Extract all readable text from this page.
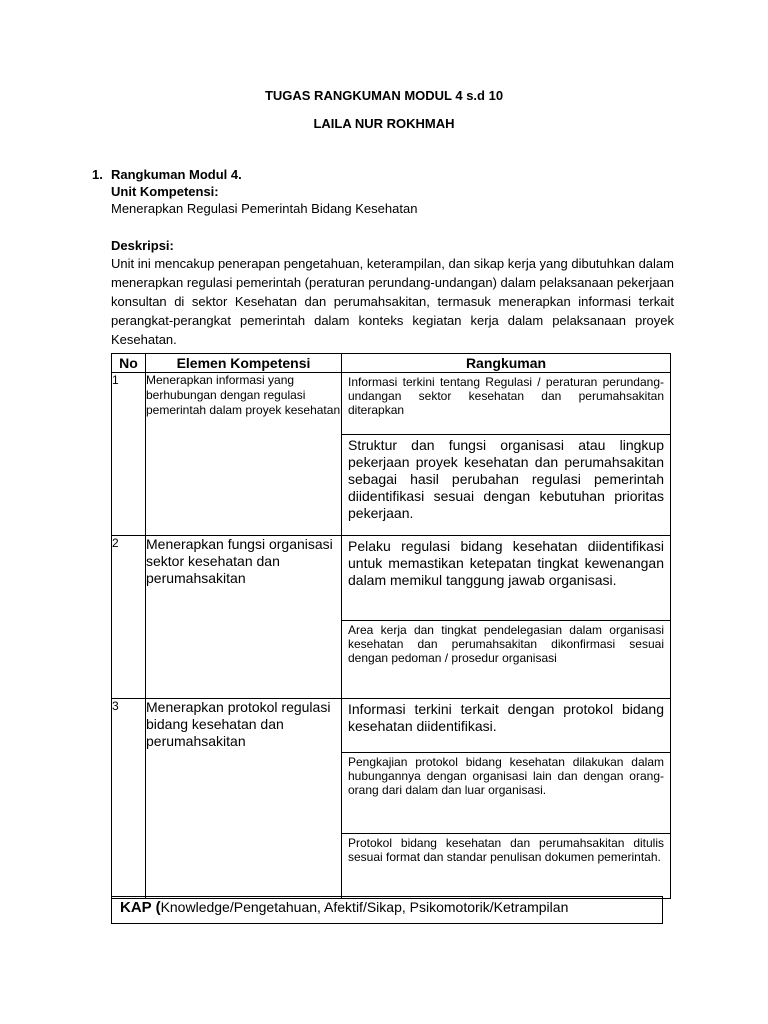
TUGAS RANGKUMAN MODUL 4 s.d 10
LAILA NUR ROKHMAH
1. Rangkuman Modul 4.
Unit Kompetensi:
Menerapkan Regulasi Pemerintah Bidang Kesehatan
Deskripsi:
Unit ini mencakup penerapan pengetahuan, keterampilan, dan sikap kerja yang dibutuhkan dalam menerapkan regulasi pemerintah (peraturan perundang-undangan) dalam pelaksanaan pekerjaan konsultan di sektor Kesehatan dan perumahsakitan, termasuk menerapkan informasi terkait perangkat-perangkat pemerintah dalam konteks kegiatan kerja dalam pelaksanaan proyek Kesehatan.
No	Elemen Kompetensi	Rangkuman
1	Menerapkan informasi yang berhubungan dengan regulasi pemerintah dalam proyek kesehatan	Informasi terkini tentang Regulasi / peraturan perundang-undangan sektor kesehatan dan perumahsakitan diterapkan
Struktur dan fungsi organisasi atau lingkup pekerjaan proyek kesehatan dan perumahsakitan sebagai hasil perubahan regulasi pemerintah diidentifikasi sesuai dengan kebutuhan prioritas pekerjaan.

2	Menerapkan fungsi organisasi sektor kesehatan dan perumahsakitan	Pelaku regulasi bidang kesehatan diidentifikasi untuk memastikan ketepatan tingkat kewenangan dalam memikul tanggung jawab organisasi.
Area kerja dan tingkat pendelegasian dalam organisasi kesehatan dan perumahsakitan dikonfirmasi sesuai dengan pedoman / prosedur organisasi

3	Menerapkan protokol regulasi bidang kesehatan dan perumahsakitan	Informasi terkini terkait dengan protokol bidang kesehatan diidentifikasi.
Pengkajian protokol bidang kesehatan dilakukan dalam hubungannya dengan organisasi lain dan dengan orang-orang dari dalam dan luar organisasi.
Protokol bidang kesehatan dan perumahsakitan ditulis sesuai format dan standar penulisan dokumen pemerintah.
KAP (Knowledge/Pengetahuan, Afektif/Sikap, Psikomotorik/Ketrampilan
